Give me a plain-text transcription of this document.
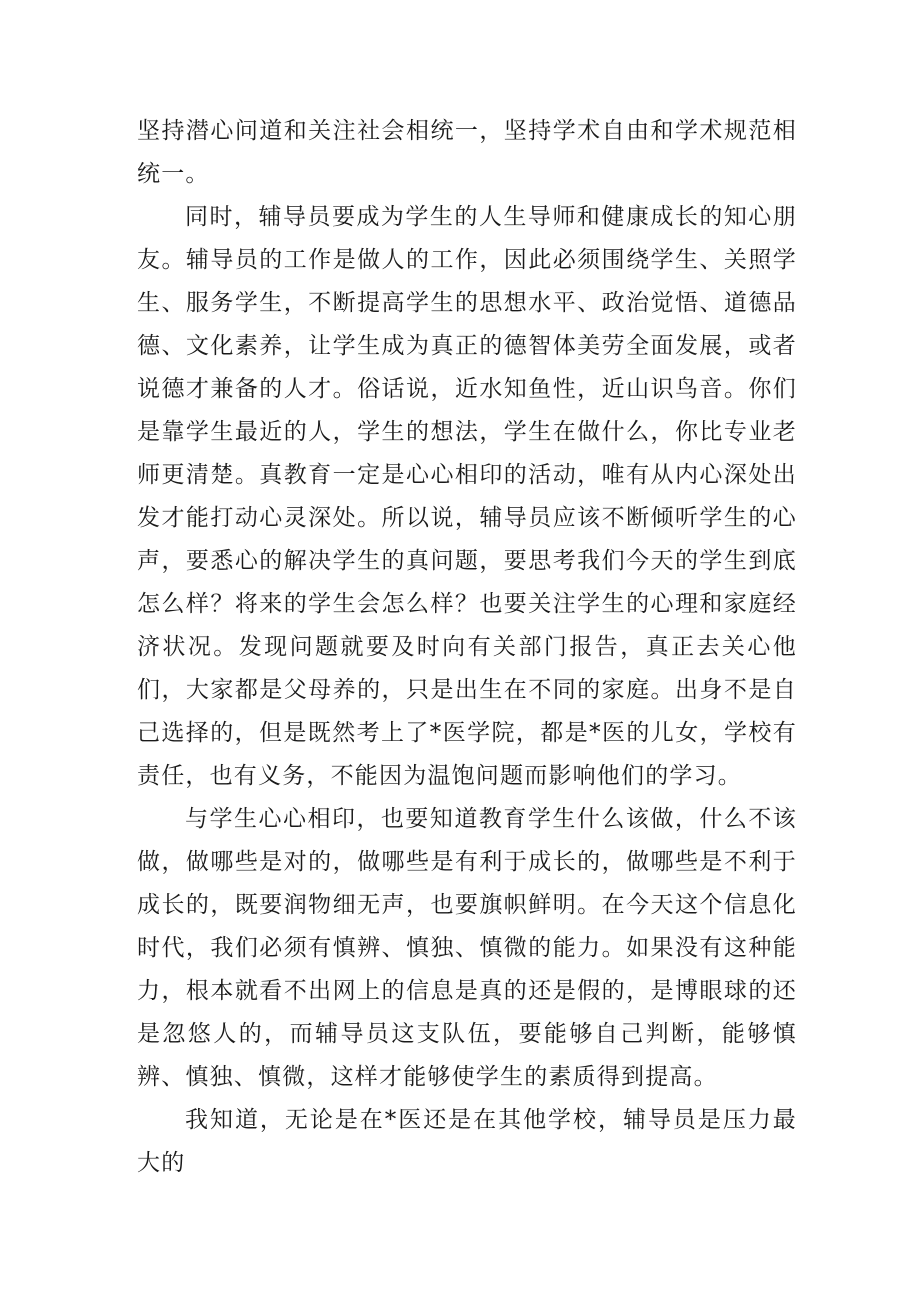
坚持潜心问道和关注社会相统一，坚持学术自由和学术规范相统一。

同时，辅导员要成为学生的人生导师和健康成长的知心朋友。辅导员的工作是做人的工作，因此必须围绕学生、关照学生、服务学生，不断提高学生的思想水平、政治觉悟、道德品德、文化素养，让学生成为真正的德智体美劳全面发展，或者说德才兼备的人才。俗话说，近水知鱼性，近山识鸟音。你们是靠学生最近的人，学生的想法，学生在做什么，你比专业老师更清楚。真教育一定是心心相印的活动，唯有从内心深处出发才能打动心灵深处。所以说，辅导员应该不断倾听学生的心声，要悉心的解决学生的真问题，要思考我们今天的学生到底怎么样？将来的学生会怎么样？也要关注学生的心理和家庭经济状况。发现问题就要及时向有关部门报告，真正去关心他们，大家都是父母养的，只是出生在不同的家庭。出身不是自己选择的，但是既然考上了*医学院，都是*医的儿女，学校有责任，也有义务，不能因为温饱问题而影响他们的学习。

与学生心心相印，也要知道教育学生什么该做，什么不该做，做哪些是对的，做哪些是有利于成长的，做哪些是不利于成长的，既要润物细无声，也要旗帜鲜明。在今天这个信息化时代，我们必须有慎辨、慎独、慎微的能力。如果没有这种能力，根本就看不出网上的信息是真的还是假的，是博眼球的还是忽悠人的，而辅导员这支队伍，要能够自己判断，能够慎辨、慎独、慎微，这样才能够使学生的素质得到提高。

我知道，无论是在*医还是在其他学校，辅导员是压力最大的
